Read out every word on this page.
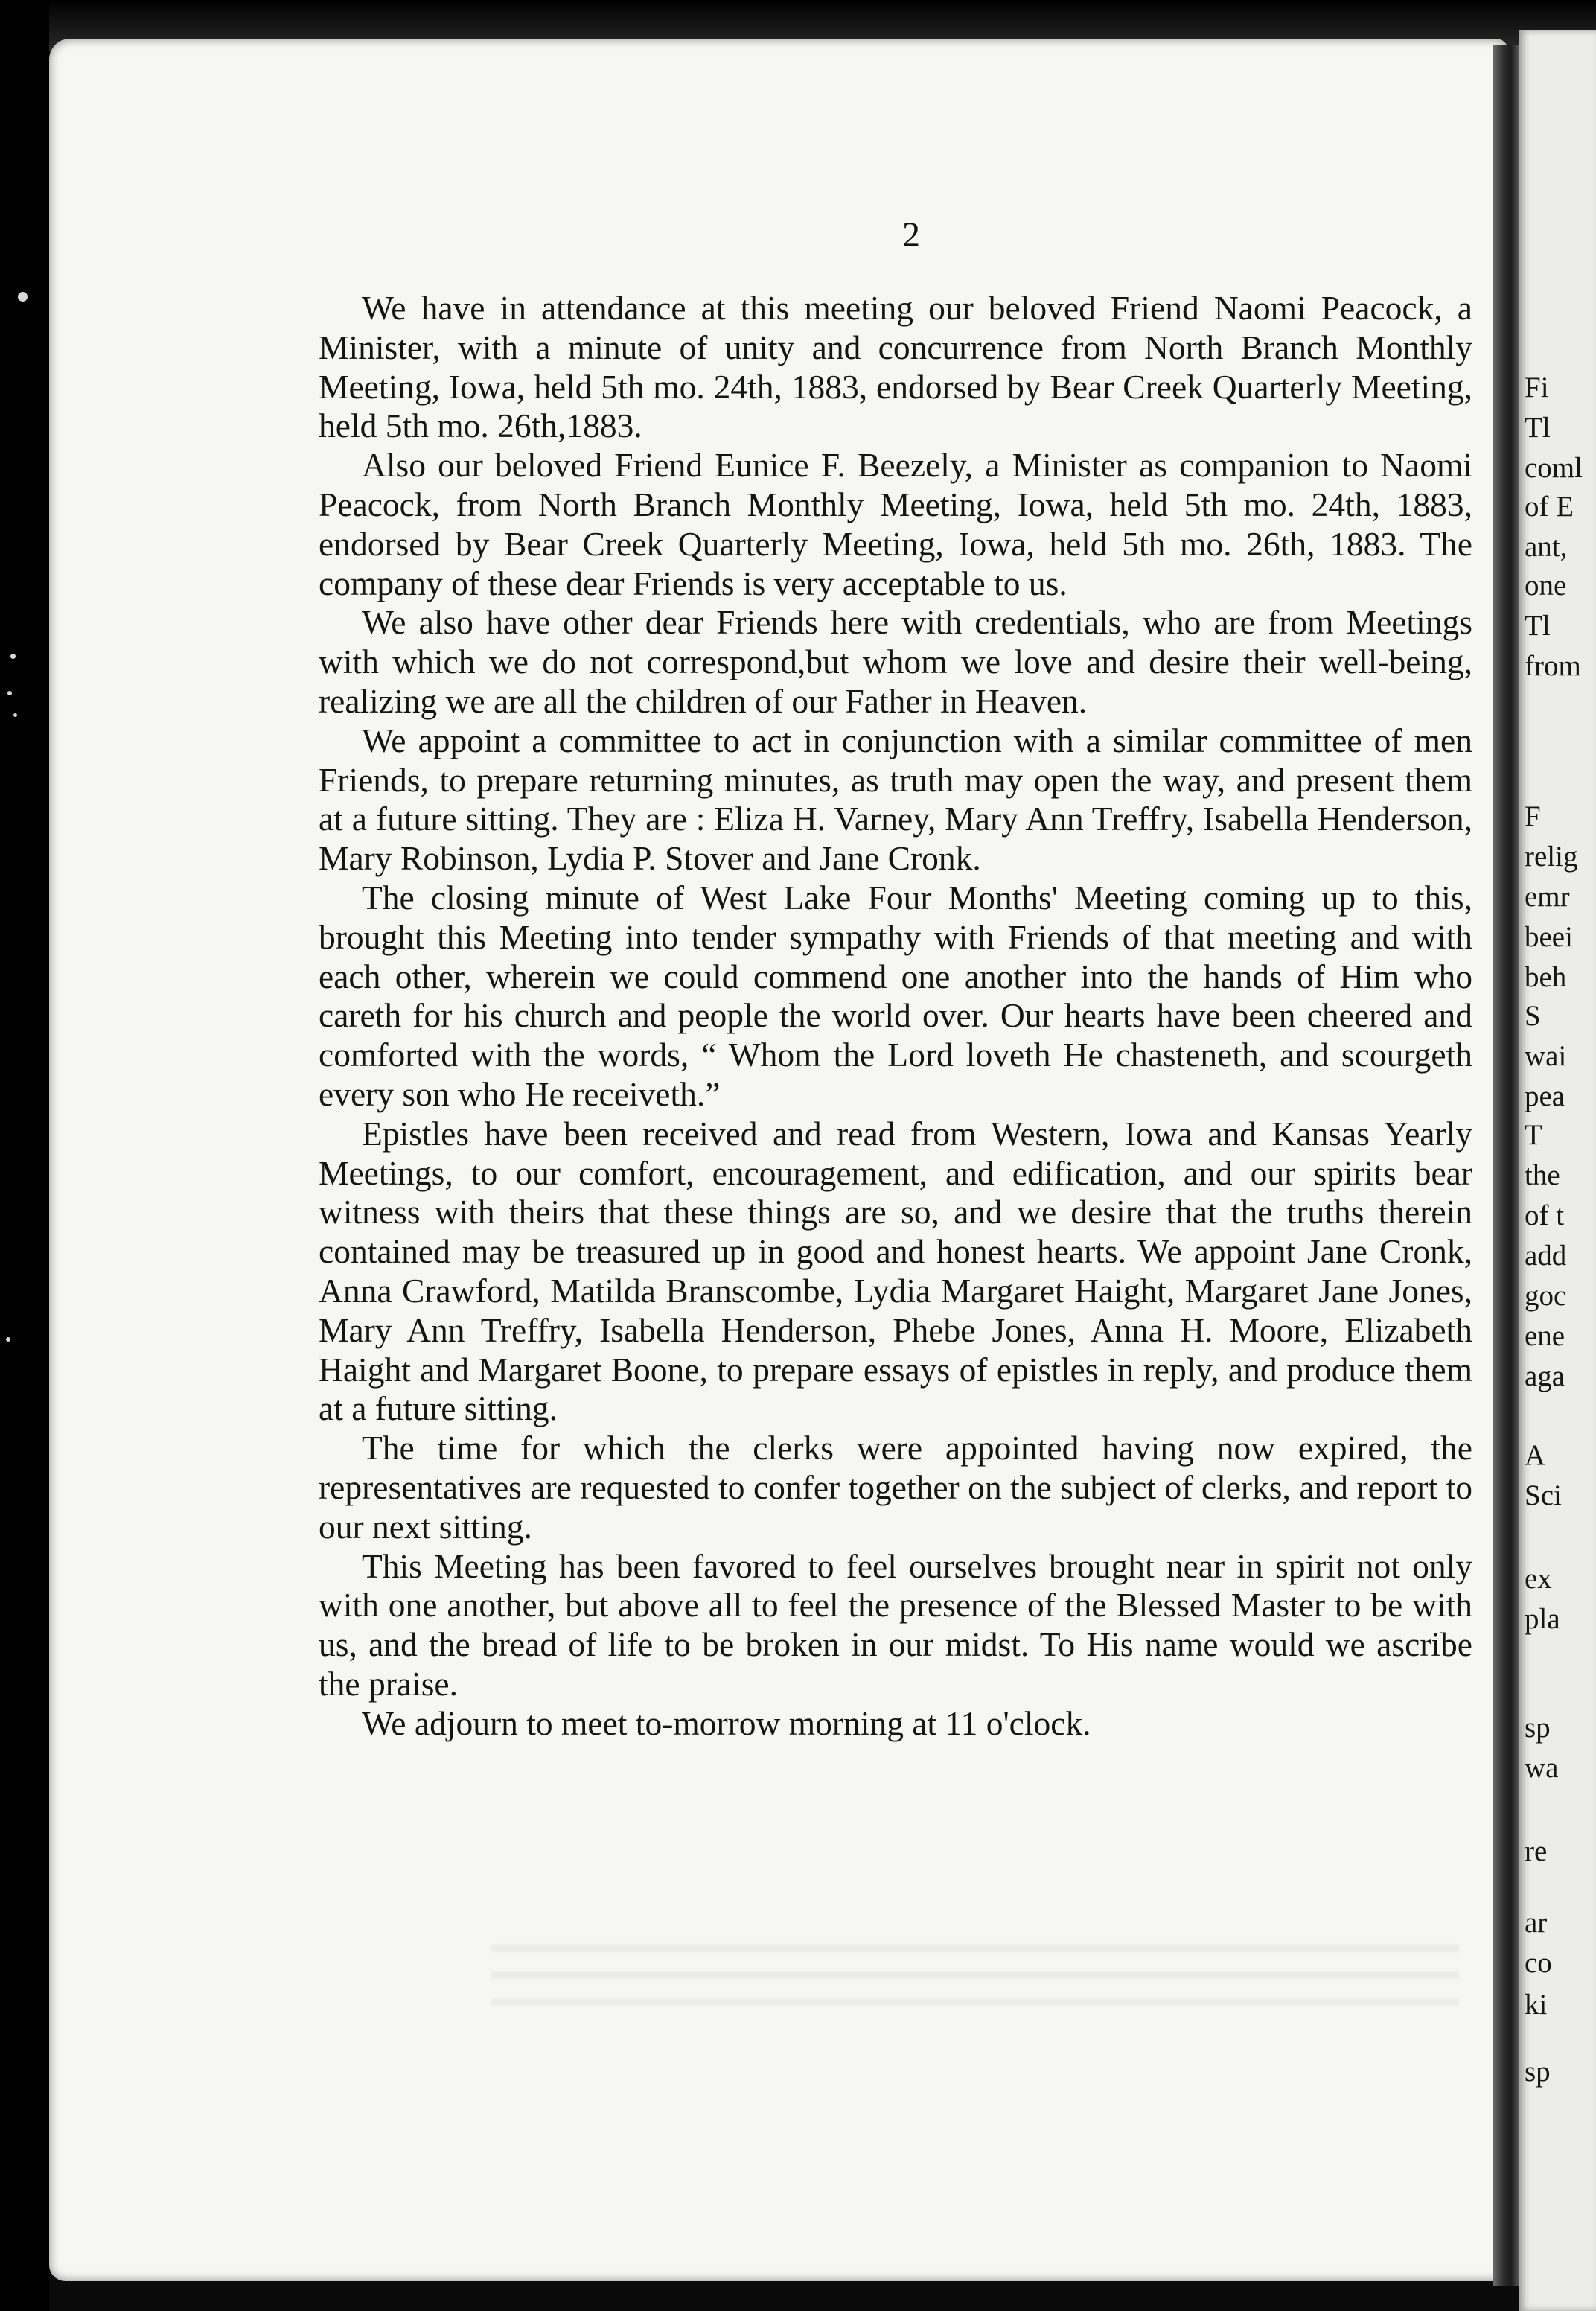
2

We have in attendance at this meeting our beloved Friend Naomi Peacock, a Minister, with a minute of unity and concurrence from North Branch Monthly Meeting, Iowa, held 5th mo. 24th, 1883, endorsed by Bear Creek Quarterly Meeting, held 5th mo. 26th,1883.

Also our beloved Friend Eunice F. Beezely, a Minister as companion to Naomi Peacock, from North Branch Monthly Meeting, Iowa, held 5th mo. 24th, 1883, endorsed by Bear Creek Quarterly Meeting, Iowa, held 5th mo. 26th, 1883. The company of these dear Friends is very acceptable to us.

We also have other dear Friends here with credentials, who are from Meetings with which we do not correspond,but whom we love and desire their well-being, realizing we are all the children of our Father in Heaven.

We appoint a committee to act in conjunction with a similar committee of men Friends, to prepare returning minutes, as truth may open the way, and present them at a future sitting. They are : Eliza H. Varney, Mary Ann Treffry, Isabella Henderson, Mary Robinson, Lydia P. Stover and Jane Cronk.

The closing minute of West Lake Four Months' Meeting coming up to this, brought this Meeting into tender sympathy with Friends of that meeting and with each other, wherein we could commend one another into the hands of Him who careth for his church and people the world over. Our hearts have been cheered and comforted with the words, “ Whom the Lord loveth He chasteneth, and scourgeth every son who He receiveth.”

Epistles have been received and read from Western, Iowa and Kansas Yearly Meetings, to our comfort, encouragement, and edification, and our spirits bear witness with theirs that these things are so, and we desire that the truths therein contained may be treasured up in good and honest hearts. We appoint Jane Cronk, Anna Crawford, Matilda Branscombe, Lydia Margaret Haight, Margaret Jane Jones, Mary Ann Treffry, Isabella Henderson, Phebe Jones, Anna H. Moore, Elizabeth Haight and Margaret Boone, to prepare essays of epistles in reply, and produce them at a future sitting.

The time for which the clerks were appointed having now expired, the representatives are requested to confer together on the subject of clerks, and report to our next sitting.

This Meeting has been favored to feel ourselves brought near in spirit not only with one another, but above all to feel the presence of the Blessed Master to be with us, and the bread of life to be broken in our midst. To His name would we ascribe the praise.

We adjourn to meet to-morrow morning at 11 o'clock.

Fi
Tl
coml
of E
ant,
one
Tl
from
F
relig
emr
beei
beh
S
wai
pea
T
the
of t
add
goc
ene
aga
A
Sci
ex
pla
sp
wa
re
ar
co
ki
sp
